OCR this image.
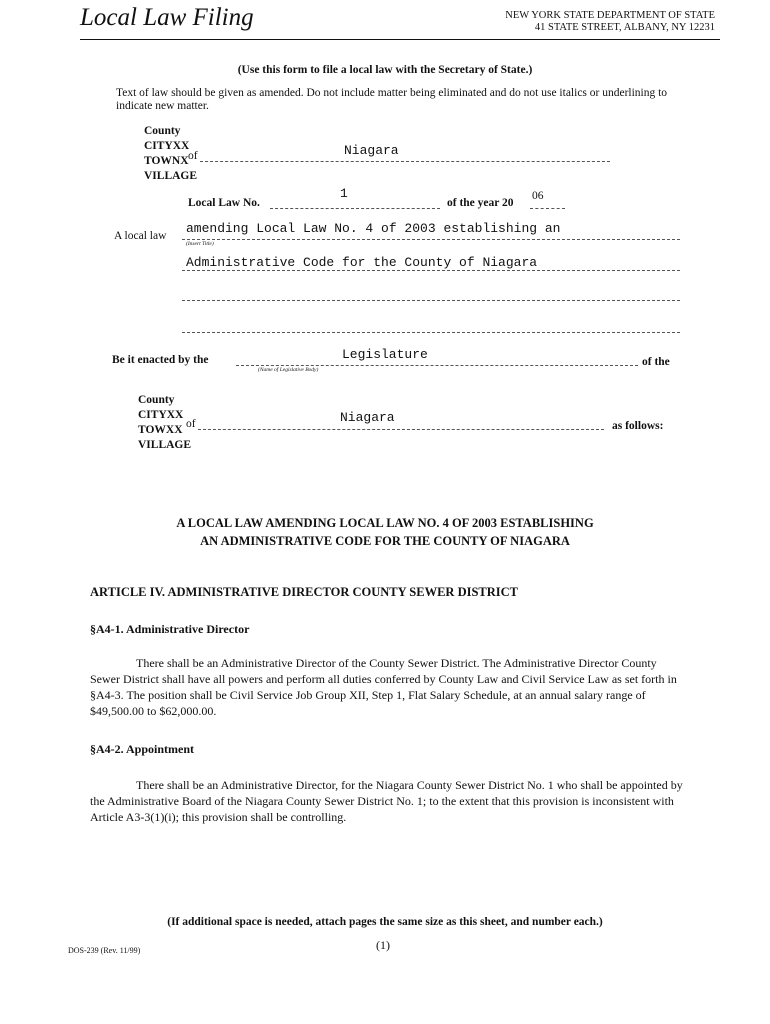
Local Law Filing	NEW YORK STATE DEPARTMENT OF STATE
41 STATE STREET, ALBANY, NY 12231
(Use this form to file a local law with the Secretary of State.)
Text of law should be given as amended. Do not include matter being eliminated and do not use italics or underlining to indicate new matter.
County
CITYXX
TOWNX
VILLAGE
of	Niagara
Local Law No.
1
of the year 20
06
A local law amending Local Law No. 4 of 2003 establishing an
(Insert Title)
Administrative Code for the County of Niagara
Be it enacted by the	Legislature
(Name of Legislative Body)
of the
County
CITYXX
TOWXX
VILLAGE
of	Niagara
as follows:
A LOCAL LAW AMENDING LOCAL LAW NO. 4 OF 2003 ESTABLISHING
AN ADMINISTRATIVE CODE FOR THE COUNTY OF NIAGARA
ARTICLE IV. ADMINISTRATIVE DIRECTOR COUNTY SEWER DISTRICT
§A4-1. Administrative Director
There shall be an Administrative Director of the County Sewer District. The Administrative Director County Sewer District shall have all powers and perform all duties conferred by County Law and Civil Service Law as set forth in §A4-3. The position shall be Civil Service Job Group XII, Step 1, Flat Salary Schedule, at an annual salary range of $49,500.00 to $62,000.00.
§A4-2. Appointment
There shall be an Administrative Director, for the Niagara County Sewer District No. 1 who shall be appointed by the Administrative Board of the Niagara County Sewer District No. 1; to the extent that this provision is inconsistent with Article A3-3(1)(i); this provision shall be controlling.
(If additional space is needed, attach pages the same size as this sheet, and number each.)
(1)
DOS-239 (Rev. 11/99)
